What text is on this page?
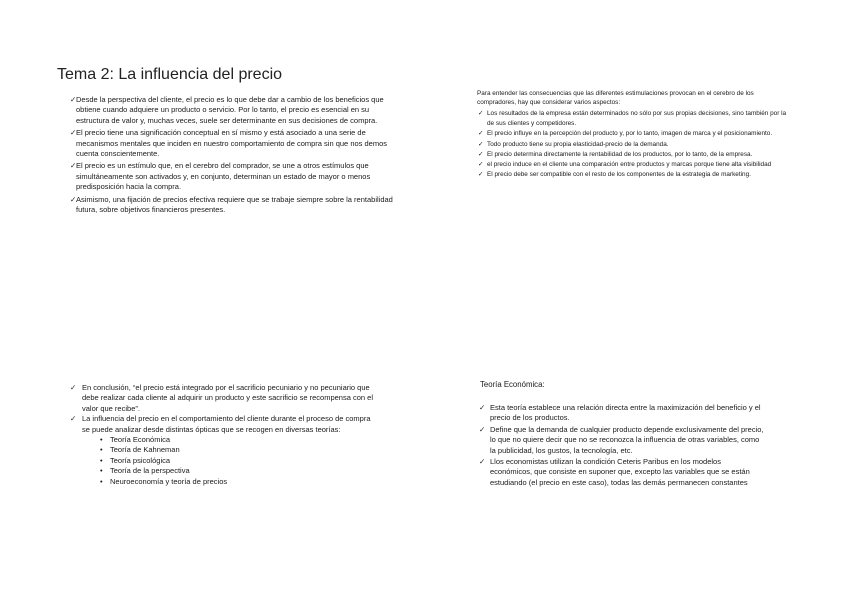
Tema 2: La influencia del precio
✓ Desde la perspectiva del cliente, el precio es lo que debe dar a cambio de los beneficios que obtiene cuando adquiere un producto o servicio. Por lo tanto, el precio es esencial en su estructura de valor y, muchas veces, suele ser determinante en sus decisiones de compra.
✓ El precio tiene una significación conceptual en sí mismo y está asociado a una serie de mecanismos mentales que inciden en nuestro comportamiento de compra sin que nos demos cuenta conscientemente.
✓ El precio es un estímulo que, en el cerebro del comprador, se une a otros estímulos que simultáneamente son activados y, en conjunto, determinan un estado de mayor o menos predisposición hacia la compra.
✓ Asimismo, una fijación de precios efectiva requiere que se trabaje siempre sobre la rentabilidad futura, sobre objetivos financieros presentes.
Para entender las consecuencias que las diferentes estimulaciones provocan en el cerebro de los compradores, hay que considerar varios aspectos:
✓ Los resultados de la empresa están determinados no sólo por sus propias decisiones, sino también por la de sus clientes y competidores.
✓ El precio influye en la percepción del producto y, por lo tanto, imagen de marca y el posicionamiento.
✓ Todo producto tiene su propia elasticidad-precio de la demanda.
✓ El precio determina directamente la rentabilidad de los productos, por lo tanto, de la empresa.
✓ el precio induce en el cliente una comparación entre productos y marcas porque tiene alta visibilidad
✓ El precio debe ser compatible con el resto de los componentes de la estrategia de marketing.
✓ En conclusión, “el precio está integrado por el sacrificio pecuniario y no pecuniario que debe realizar cada cliente al adquirir un producto y este sacrificio se recompensa con el valor que recibe”.
✓ La influencia del precio en el comportamiento del cliente durante el proceso de compra se puede analizar desde distintas ópticas que se recogen en diversas teorías:
• Teoría Económica
• Teoría de Kahneman
• Teoría psicológica
• Teoría de la perspectiva
• Neuroeconomía y teoría de precios
Teoría Económica:
✓ Esta teoría establece una relación directa entre la maximización del beneficio y el precio de los productos.
✓ Define que la demanda de cualquier producto depende exclusivamente del precio, lo que no quiere decir que no se reconozca la influencia de otras variables, como la publicidad, los gustos, la tecnología, etc.
✓ Llos economistas utilizan la condición Ceteris Paribus en los modelos económicos, que consiste en suponer que, excepto las variables que se están estudiando (el precio en este caso), todas las demás permanecen constantes
